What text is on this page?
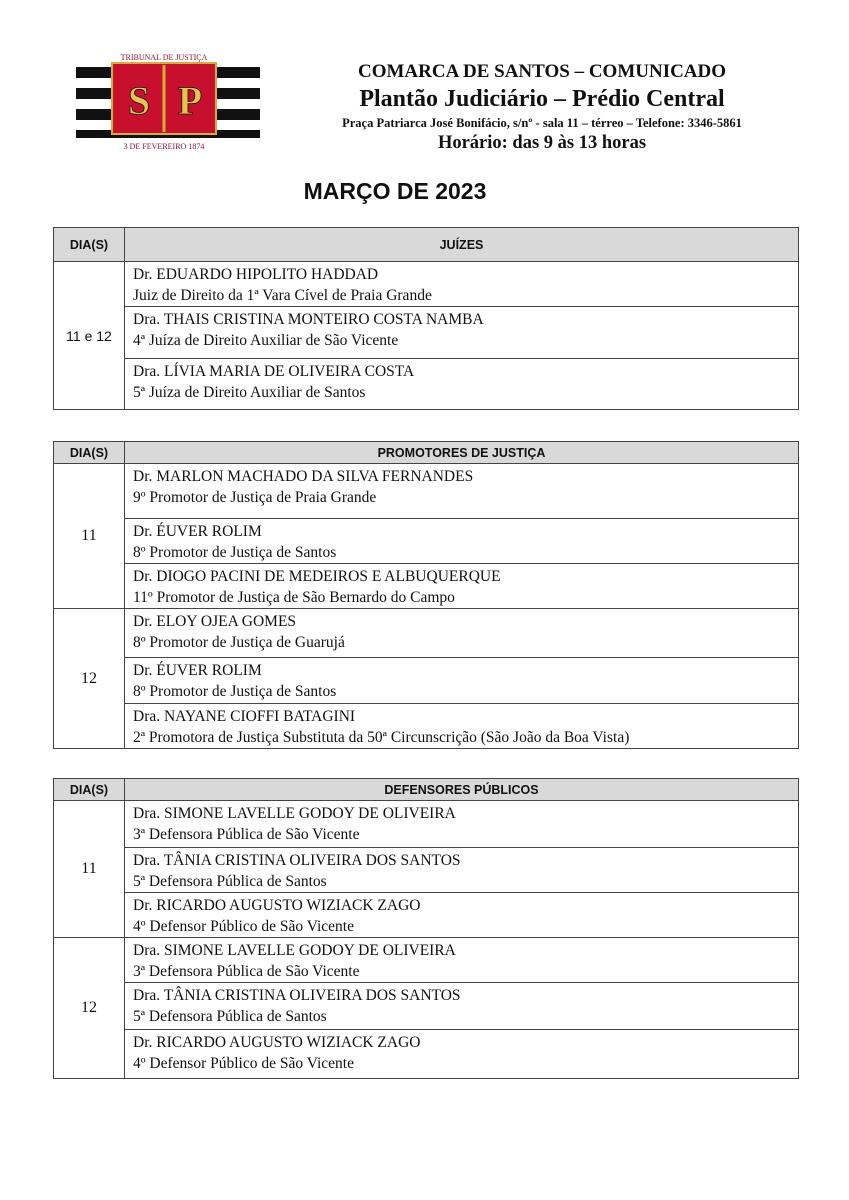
S P
TRIBUNAL DE JUSTIÇA
3 DE FEVEREIRO 1874
COMARCA DE SANTOS – COMUNICADO
Plantão Judiciário – Prédio Central
Praça Patriarca José Bonifácio, s/nº - sala 11 – térreo – Telefone: 3346-5861
Horário: das 9 às 13 horas
MARÇO DE 2023
DIA(S)	JUÍZES
11 e 12	Dr. EDUARDO HIPOLITO HADDAD
Juiz de Direito da 1ª Vara Cível de Praia Grande

	Dra. THAIS CRISTINA MONTEIRO COSTA NAMBA
4ª Juíza de Direito Auxiliar de São Vicente

	Dra. LÍVIA MARIA DE OLIVEIRA COSTA
5ª Juíza de Direito Auxiliar de Santos
DIA(S)	PROMOTORES DE JUSTIÇA
11	Dr. MARLON MACHADO DA SILVA FERNANDES
9º Promotor de Justiça de Praia Grande

	Dr. ÉUVER ROLIM
8º Promotor de Justiça de Santos

	Dr. DIOGO PACINI DE MEDEIROS E ALBUQUERQUE
11º Promotor de Justiça de São Bernardo do Campo

12	Dr. ELOY OJEA GOMES
8º Promotor de Justiça de Guarujá

	Dr. ÉUVER ROLIM
8º Promotor de Justiça de Santos

	Dra. NAYANE CIOFFI BATAGINI
2ª Promotora de Justiça Substituta da 50ª Circunscrição (São João da Boa Vista)
DIA(S)	DEFENSORES PÚBLICOS
11	Dra. SIMONE LAVELLE GODOY DE OLIVEIRA
3ª Defensora Pública de São Vicente

	Dra. TÂNIA CRISTINA OLIVEIRA DOS SANTOS
5ª Defensora Pública de Santos

	Dr. RICARDO AUGUSTO WIZIACK ZAGO
4º Defensor Público de São Vicente

12	Dra. SIMONE LAVELLE GODOY DE OLIVEIRA
3ª Defensora Pública de São Vicente

	Dra. TÂNIA CRISTINA OLIVEIRA DOS SANTOS
5ª Defensora Pública de Santos

	Dr. RICARDO AUGUSTO WIZIACK ZAGO
4º Defensor Público de São Vicente
